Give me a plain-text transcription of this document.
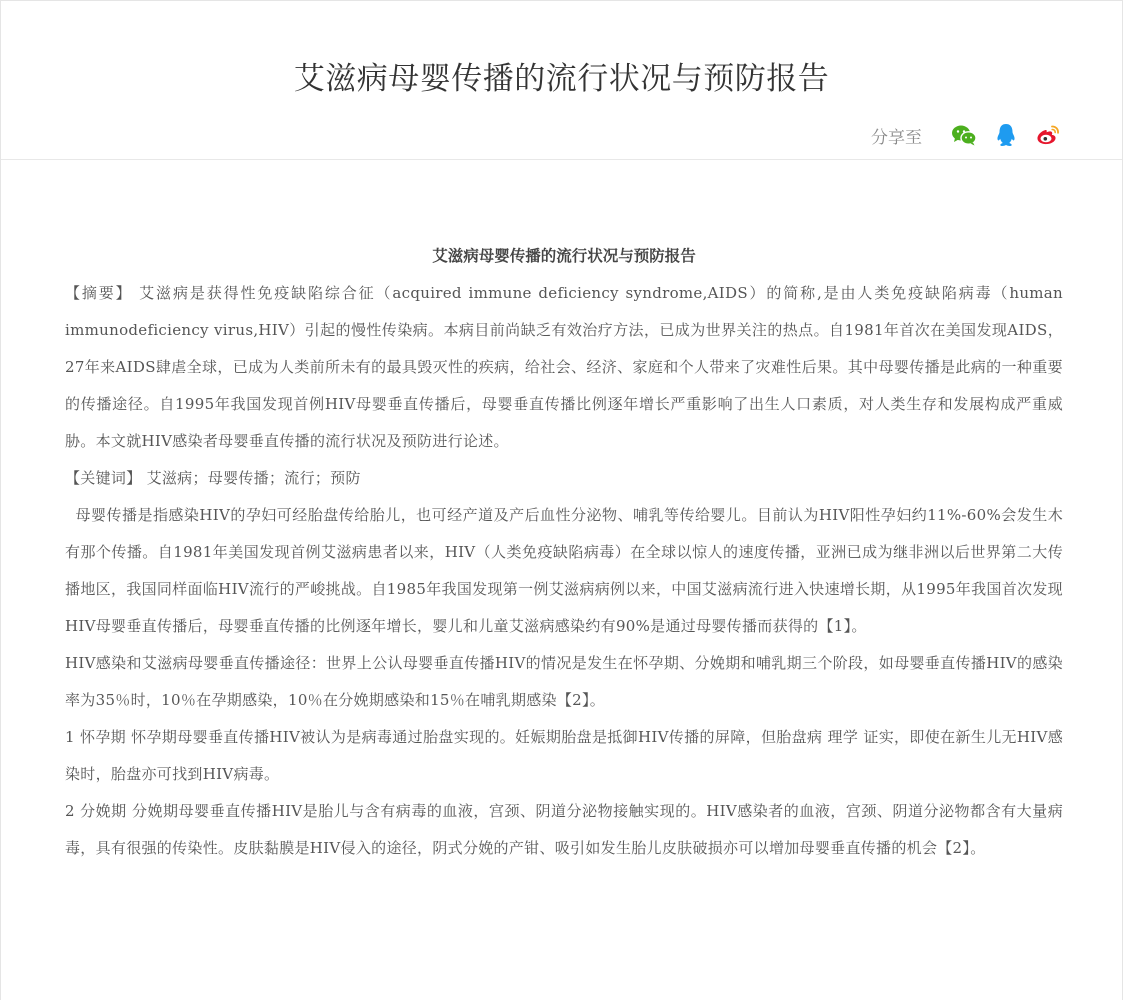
艾滋病母婴传播的流行状况与预防报告
分享至

艾滋病母婴传播的流行状况与预防报告

【摘要】 艾滋病是获得性免疫缺陷综合征（acquired immune deficiency syndrome,AIDS）的简称,是由人类免疫缺陷病毒（human immunodeficiency virus,HIV）引起的慢性传染病。本病目前尚缺乏有效治疗方法，已成为世界关注的热点。自1981年首次在美国发现AIDS，27年来AIDS肆虐全球，已成为人类前所未有的最具毁灭性的疾病，给社会、经济、家庭和个人带来了灾难性后果。其中母婴传播是此病的一种重要的传播途径。自1995年我国发现首例HIV母婴垂直传播后，母婴垂直传播比例逐年增长严重影响了出生人口素质，对人类生存和发展构成严重威胁。本文就HIV感染者母婴垂直传播的流行状况及预防进行论述。

【关键词】 艾滋病；母婴传播；流行；预防

母婴传播是指感染HIV的孕妇可经胎盘传给胎儿，也可经产道及产后血性分泌物、哺乳等传给婴儿。目前认为HIV阳性孕妇约11%-60%会发生木有那个传播。自1981年美国发现首例艾滋病患者以来，HIV（人类免疫缺陷病毒）在全球以惊人的速度传播，亚洲已成为继非洲以后世界第二大传播地区，我国同样面临HIV流行的严峻挑战。自1985年我国发现第一例艾滋病病例以来，中国艾滋病流行进入快速增长期，从1995年我国首次发现HIV母婴垂直传播后，母婴垂直传播的比例逐年增长，婴儿和儿童艾滋病感染约有90%是通过母婴传播而获得的【1】。

HIV感染和艾滋病母婴垂直传播途径：世界上公认母婴垂直传播HIV的情况是发生在怀孕期、分娩期和哺乳期三个阶段，如母婴垂直传播HIV的感染率为35％时，10％在孕期感染，10％在分娩期感染和15％在哺乳期感染【2】。

1 怀孕期 怀孕期母婴垂直传播HIV被认为是病毒通过胎盘实现的。妊娠期胎盘是抵御HIV传播的屏障，但胎盘病 理学 证实，即使在新生儿无HIV感染时，胎盘亦可找到HIV病毒。

2 分娩期 分娩期母婴垂直传播HIV是胎儿与含有病毒的血液，宫颈、阴道分泌物接触实现的。HIV感染者的血液，宫颈、阴道分泌物都含有大量病毒，具有很强的传染性。皮肤黏膜是HIV侵入的途径，阴式分娩的产钳、吸引如发生胎儿皮肤破损亦可以增加母婴垂直传播的机会【2】。
